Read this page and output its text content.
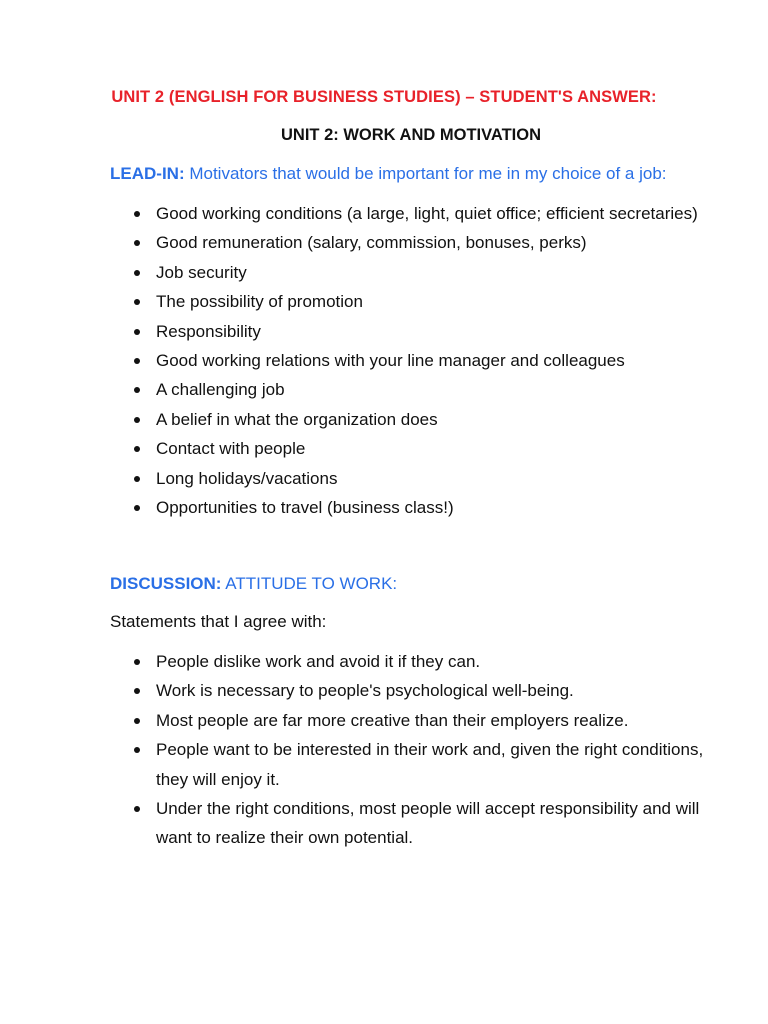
UNIT 2 (ENGLISH FOR BUSINESS STUDIES) – STUDENT'S ANSWER:
UNIT 2: WORK AND MOTIVATION
LEAD-IN: Motivators that would be important for me in my choice of a job:
Good working conditions (a large, light, quiet office; efficient secretaries)
Good remuneration (salary, commission, bonuses, perks)
Job security
The possibility of promotion
Responsibility
Good working relations with your line manager and colleagues
A challenging job
A belief in what the organization does
Contact with people
Long holidays/vacations
Opportunities to travel (business class!)
DISCUSSION: ATTITUDE TO WORK:
Statements that I agree with:
People dislike work and avoid it if they can.
Work is necessary to people's psychological well-being.
Most people are far more creative than their employers realize.
People want to be interested in their work and, given the right conditions, they will enjoy it.
Under the right conditions, most people will accept responsibility and will want to realize their own potential.
